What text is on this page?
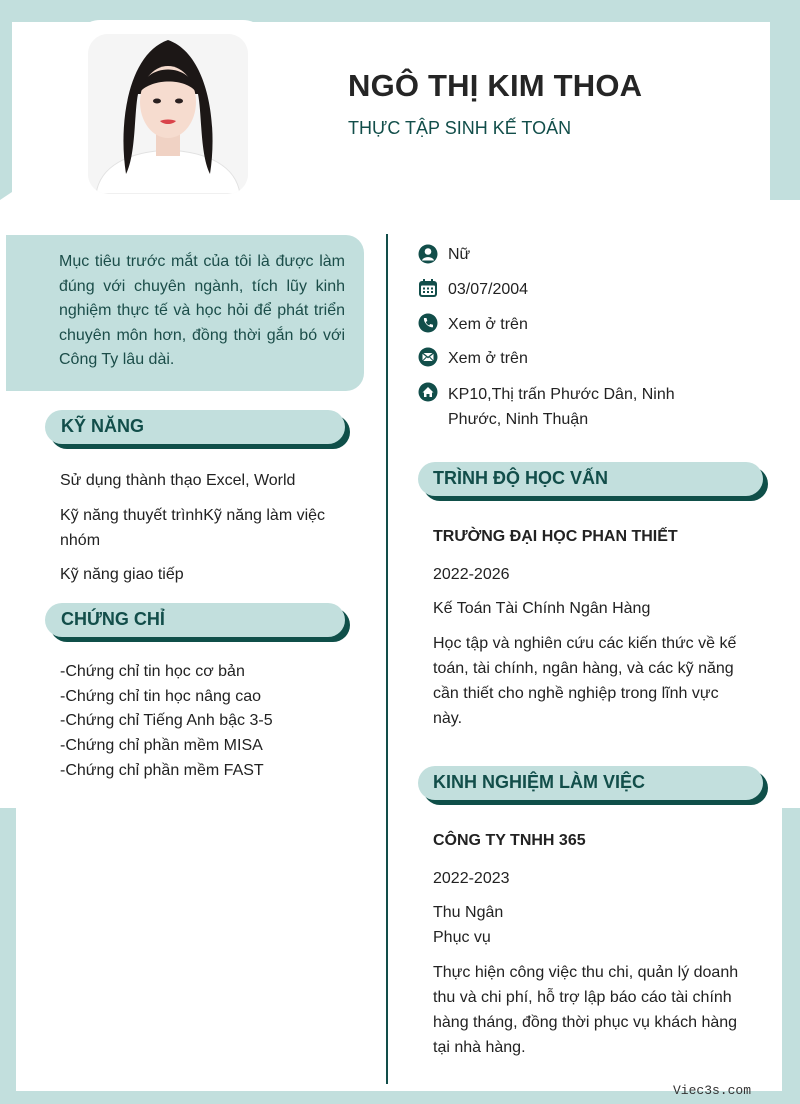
NGÔ THỊ KIM THOA
THỰC TẬP SINH KẾ TOÁN
Mục tiêu trước mắt của tôi là được làm đúng với chuyên ngành, tích lũy kinh nghiệm thực tế và học hỏi để phát triển chuyên môn hơn, đồng thời gắn bó với Công Ty lâu dài.
Nữ
03/07/2004
Xem ở trên
Xem ở trên
KP10,Thị trấn Phước Dân, Ninh Phước, Ninh Thuận
KỸ NĂNG
Sử dụng thành thạo Excel, World
Kỹ năng thuyết trìnhKỹ năng làm việc nhóm
Kỹ năng giao tiếp
CHỨNG CHỈ
-Chứng chỉ tin học cơ bản
-Chứng chỉ tin học nâng cao
-Chứng chỉ Tiếng Anh bậc 3-5
-Chứng chỉ phần mềm MISA
-Chứng chỉ phần mềm FAST
TRÌNH ĐỘ HỌC VẤN
TRƯỜNG ĐẠI HỌC PHAN THIẾT
2022-2026
Kế Toán Tài Chính Ngân Hàng
Học tập và nghiên cứu các kiến thức về kế toán, tài chính, ngân hàng, và các kỹ năng cần thiết cho nghề nghiệp trong lĩnh vực này.
KINH NGHIỆM LÀM VIỆC
CÔNG TY TNHH 365
2022-2023
Thu Ngân
Phục vụ
Thực hiện công việc thu chi, quản lý doanh thu và chi phí, hỗ trợ lập báo cáo tài chính hàng tháng, đồng thời phục vụ khách hàng tại nhà hàng.
Viec3s.com
